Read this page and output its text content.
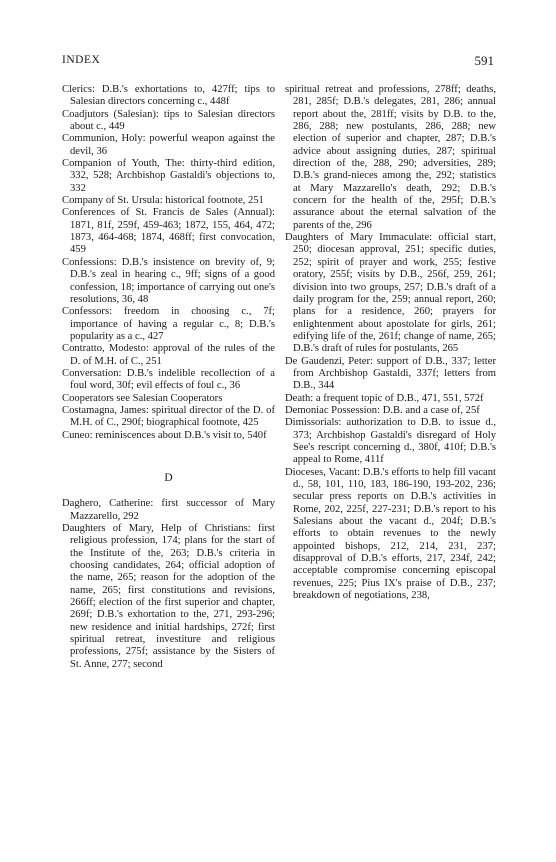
INDEX	591

Clerics: D.B.'s exhortations to, 427ff; tips to Salesian directors concerning c., 448f

Coadjutors (Salesian): tips to Salesian directors about c., 449

Communion, Holy: powerful weapon against the devil, 36

Companion of Youth, The: thirty-third edition, 332, 528; Archbishop Gastaldi's objections to, 332

Company of St. Ursula: historical footnote, 251

Conferences of St. Francis de Sales (Annual): 1871, 81f, 259f, 459-463; 1872, 155, 464, 472; 1873, 464-468; 1874, 468ff; first convocation, 459

Confessions: D.B.'s insistence on brevity of, 9; D.B.'s zeal in hearing c., 9ff; signs of a good confession, 18; importance of carrying out one's resolutions, 36, 48

Confessors: freedom in choosing c., 7f; importance of having a regular c., 8; D.B.'s popularity as a c., 427

Contratto, Modesto: approval of the rules of the D. of M.H. of C., 251

Conversation: D.B.'s indelible recollection of a foul word, 30f; evil effects of foul c., 36

Cooperators see Salesian Cooperators

Costamagna, James: spiritual director of the D. of M.H. of C., 290f; biographical footnote, 425

Cuneo: reminiscences about D.B.'s visit to, 540f

D

Daghero, Catherine: first successor of Mary Mazzarello, 292

Daughters of Mary, Help of Christians: first religious profession, 174; plans for the start of the Institute of the, 263; D.B.'s criteria in choosing candidates, 264; official adoption of the name, 265; reason for the adoption of the name, 265; first constitutions and revisions, 266ff; election of the first superior and chapter, 269f; D.B.'s exhortation to the, 271, 293-296; new residence and initial hardships, 272f; first spiritual retreat, investiture and religious professions, 275f; assistance by the Sisters of St. Anne, 277; second

spiritual retreat and professions, 278ff; deaths, 281, 285f; D.B.'s delegates, 281, 286; annual report about the, 281ff; visits by D.B. to the, 286, 288; new postulants, 286, 288; new election of superior and chapter, 287; D.B.'s advice about assigning duties, 287; spiritual direction of the, 288, 290; adversities, 289; D.B.'s grand-nieces among the, 292; statistics at Mary Mazzarello's death, 292; D.B.'s concern for the health of the, 295f; D.B.'s assurance about the eternal salvation of the parents of the, 296

Daughters of Mary Immaculate: official start, 250; diocesan approval, 251; specific duties, 252; spirit of prayer and work, 255; festive oratory, 255f; visits by D.B., 256f, 259, 261; division into two groups, 257; D.B.'s draft of a daily program for the, 259; annual report, 260; plans for a residence, 260; prayers for enlightenment about apostolate for girls, 261; edifying life of the, 261f; change of name, 265; D.B.'s draft of rules for postulants, 265

De Gaudenzi, Peter: support of D.B., 337; letter from Archbishop Gastaldi, 337f; letters from D.B., 344

Death: a frequent topic of D.B., 471, 551, 572f

Demoniac Possession: D.B. and a case of, 25f

Dimissorials: authorization to D.B. to issue d., 373; Archbishop Gastaldi's disregard of Holy See's rescript concerning d., 380f, 410f; D.B.'s appeal to Rome, 411f

Dioceses, Vacant: D.B.'s efforts to help fill vacant d., 58, 101, 110, 183, 186-190, 193-202, 236; secular press reports on D.B.'s activities in Rome, 202, 225f, 227-231; D.B.'s report to his Salesians about the vacant d., 204f; D.B.'s efforts to obtain revenues to the newly appointed bishops, 212, 214, 231, 237; disapproval of D.B.'s efforts, 217, 234f, 242; acceptable compromise concerning episcopal revenues, 225; Pius IX's praise of D.B., 237; breakdown of negotiations, 238,
